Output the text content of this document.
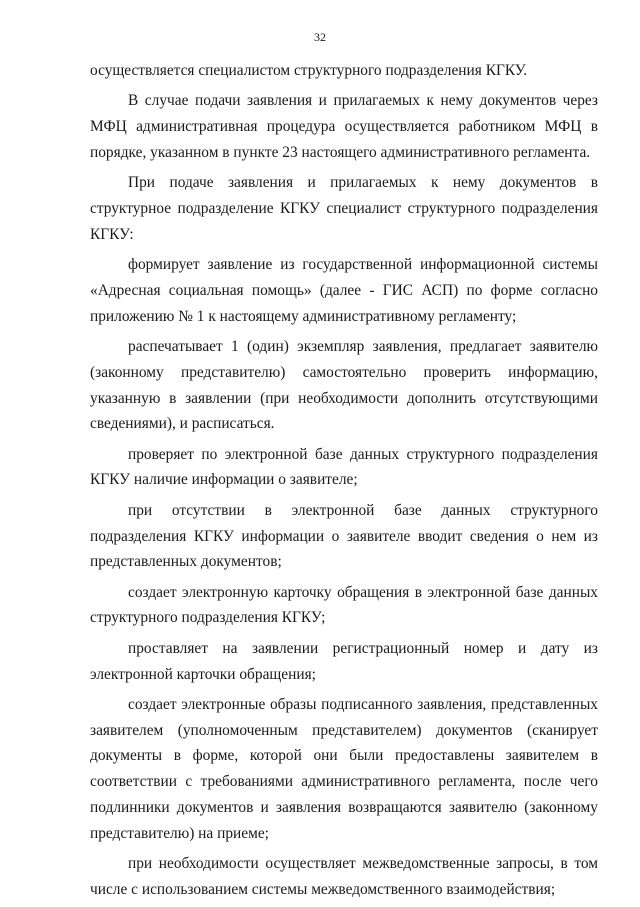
32

осуществляется специалистом структурного подразделения КГКУ.

В случае подачи заявления и прилагаемых к нему документов через МФЦ административная процедура осуществляется работником МФЦ в порядке, указанном в пункте 23 настоящего административного регламента.

При подаче заявления и прилагаемых к нему документов в структурное подразделение КГКУ специалист структурного подразделения КГКУ:

формирует заявление из государственной информационной системы «Адресная социальная помощь» (далее - ГИС АСП) по форме согласно приложению № 1 к настоящему административному регламенту;

распечатывает 1 (один) экземпляр заявления, предлагает заявителю (законному представителю) самостоятельно проверить информацию, указанную в заявлении (при необходимости дополнить отсутствующими сведениями), и расписаться.

проверяет по электронной базе данных структурного подразделения КГКУ наличие информации о заявителе;

при отсутствии в электронной базе данных структурного подразделения КГКУ информации о заявителе вводит сведения о нем из представленных документов;

создает электронную карточку обращения в электронной базе данных структурного подразделения КГКУ;

проставляет на заявлении регистрационный номер и дату из электронной карточки обращения;

создает электронные образы подписанного заявления, представленных заявителем (уполномоченным представителем) документов (сканирует документы в форме, которой они были предоставлены заявителем в соответствии с требованиями административного регламента, после чего подлинники документов и заявления возвращаются заявителю (законному представителю) на приеме;

при необходимости осуществляет межведомственные запросы, в том числе с использованием системы межведомственного взаимодействия;
